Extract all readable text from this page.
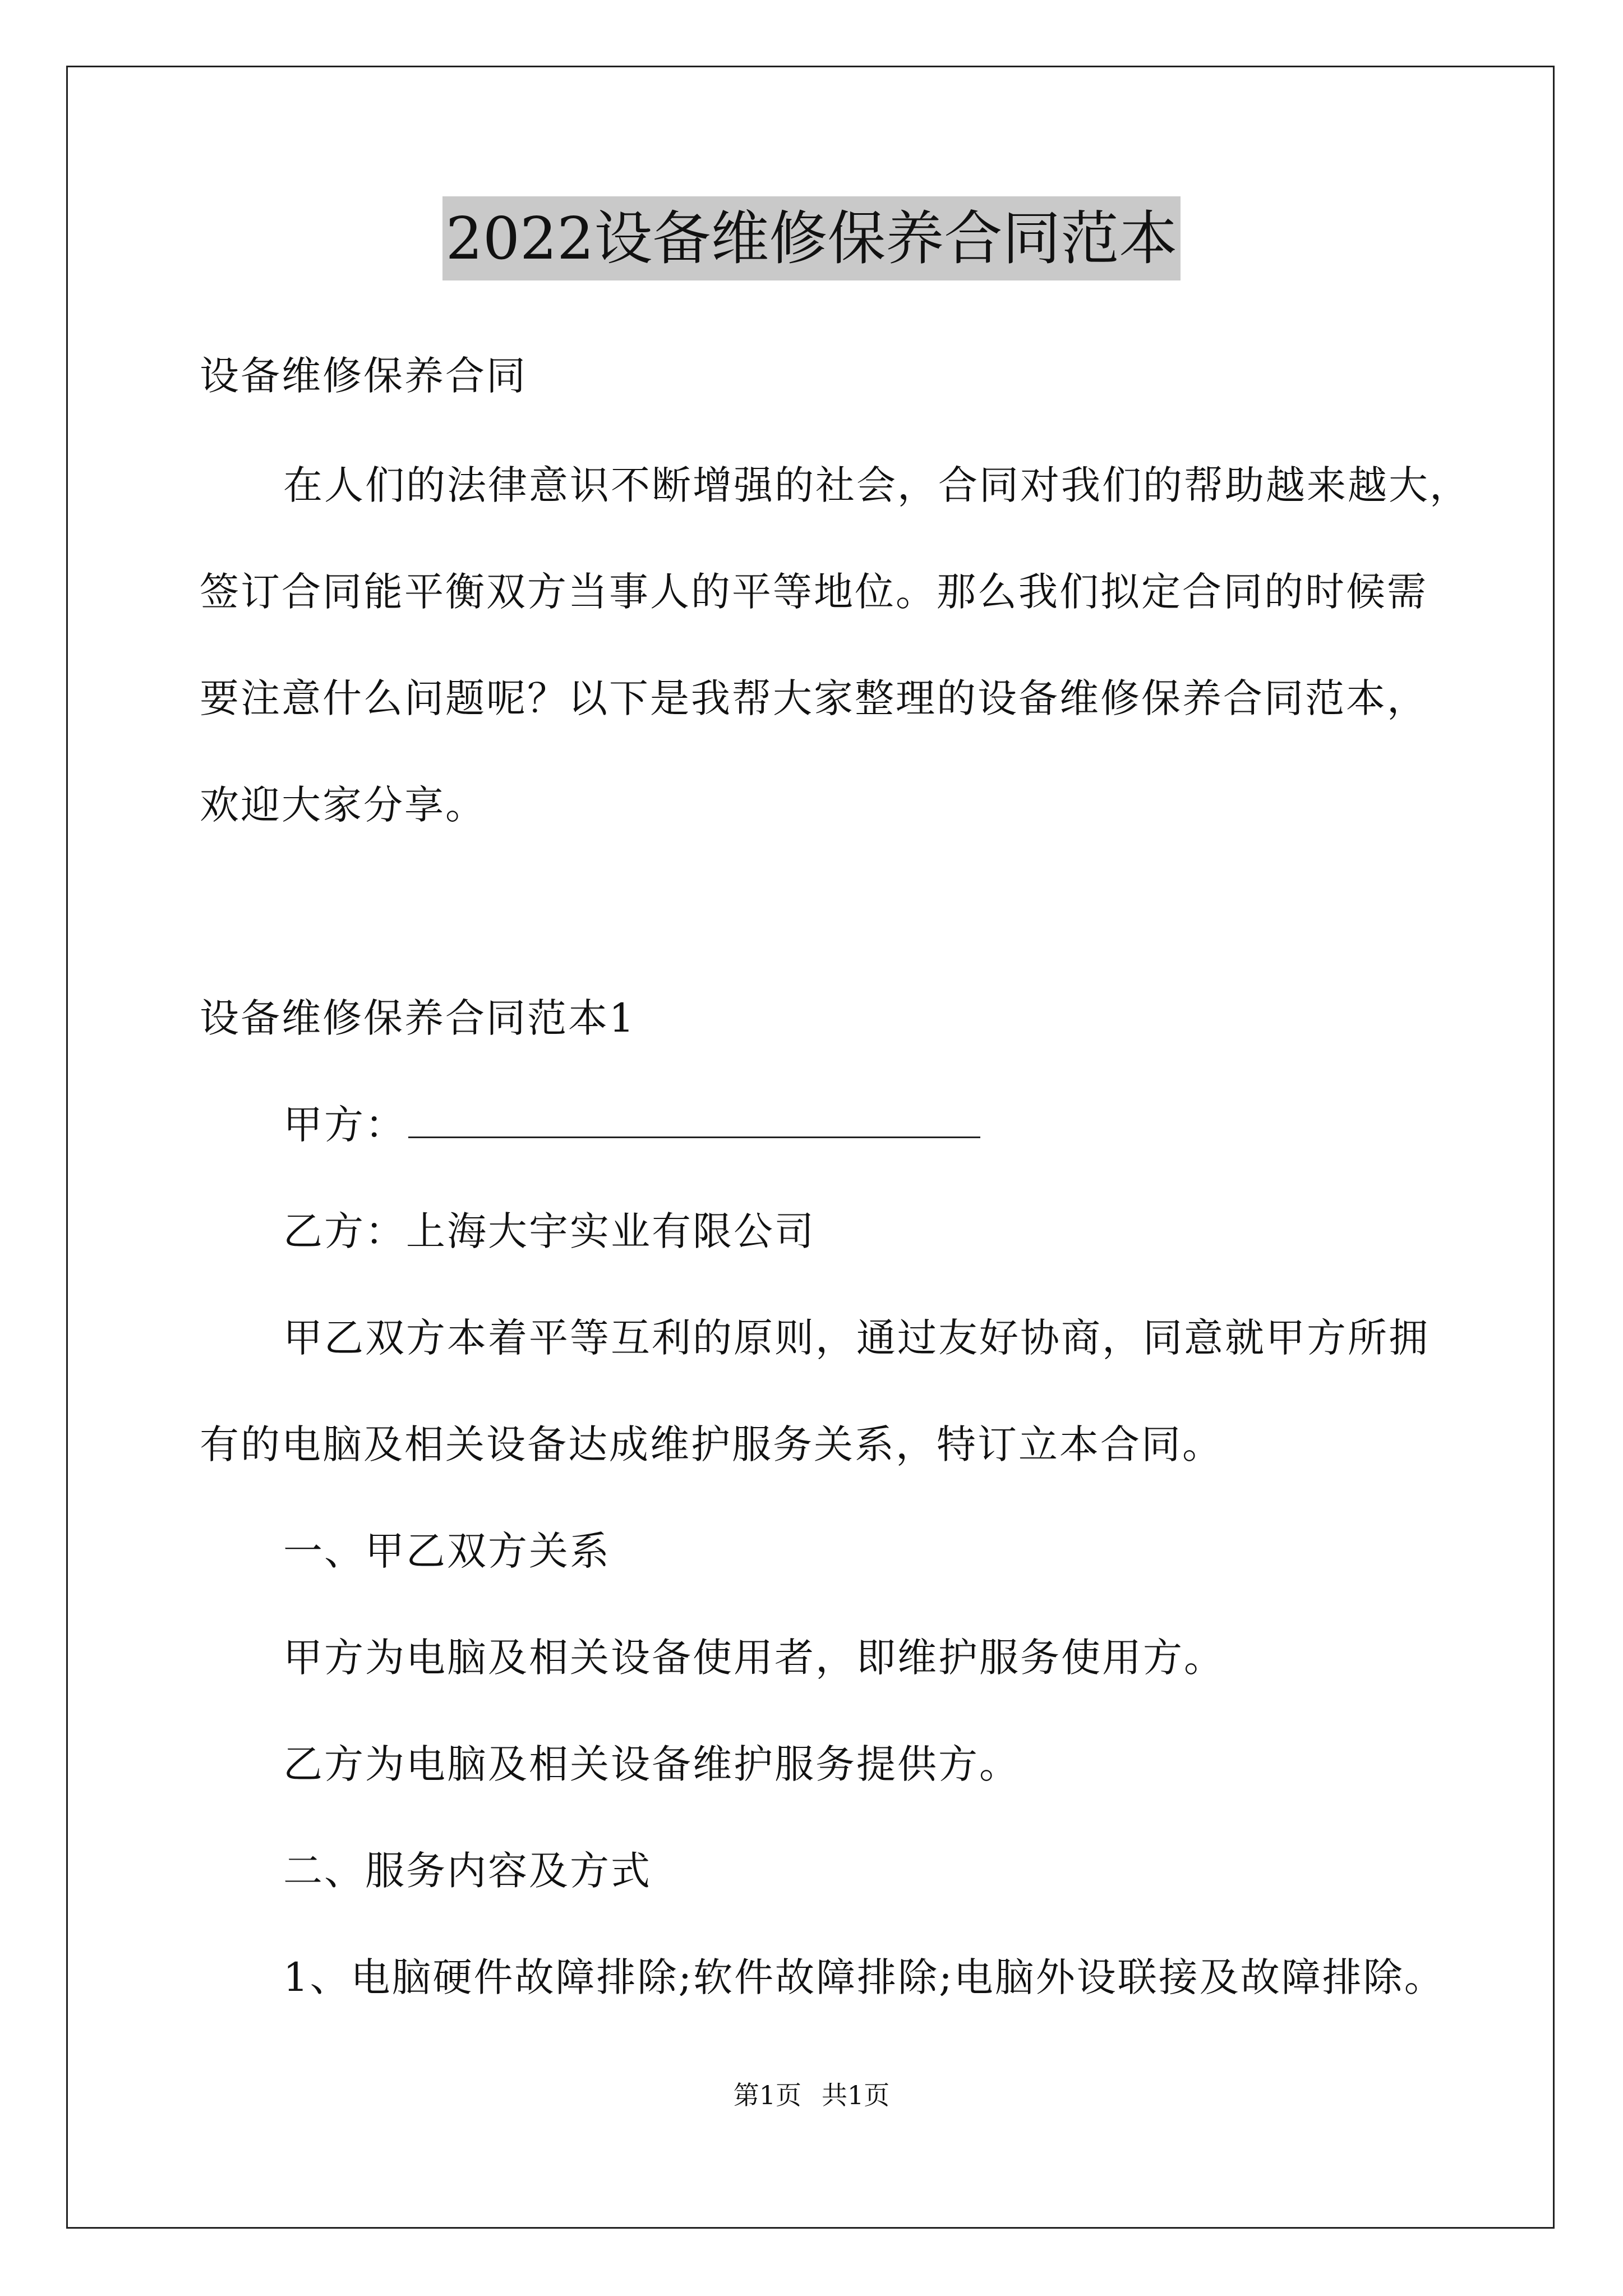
2022设备维修保养合同范本
设备维修保养合同
在人们的法律意识不断增强的社会，合同对我们的帮助越来越大，
签订合同能平衡双方当事人的平等地位。那么我们拟定合同的时候需
要注意什么问题呢？以下是我帮大家整理的设备维修保养合同范本，
欢迎大家分享。
设备维修保养合同范本1
甲方：
乙方：上海大宇实业有限公司
甲乙双方本着平等互利的原则，通过友好协商，同意就甲方所拥
有的电脑及相关设备达成维护服务关系，特订立本合同。
一、甲乙双方关系
甲方为电脑及相关设备使用者，即维护服务使用方。
乙方为电脑及相关设备维护服务提供方。
二、服务内容及方式
1、电脑硬件故障排除;软件故障排除;电脑外设联接及故障排除。
第1页 共1页
